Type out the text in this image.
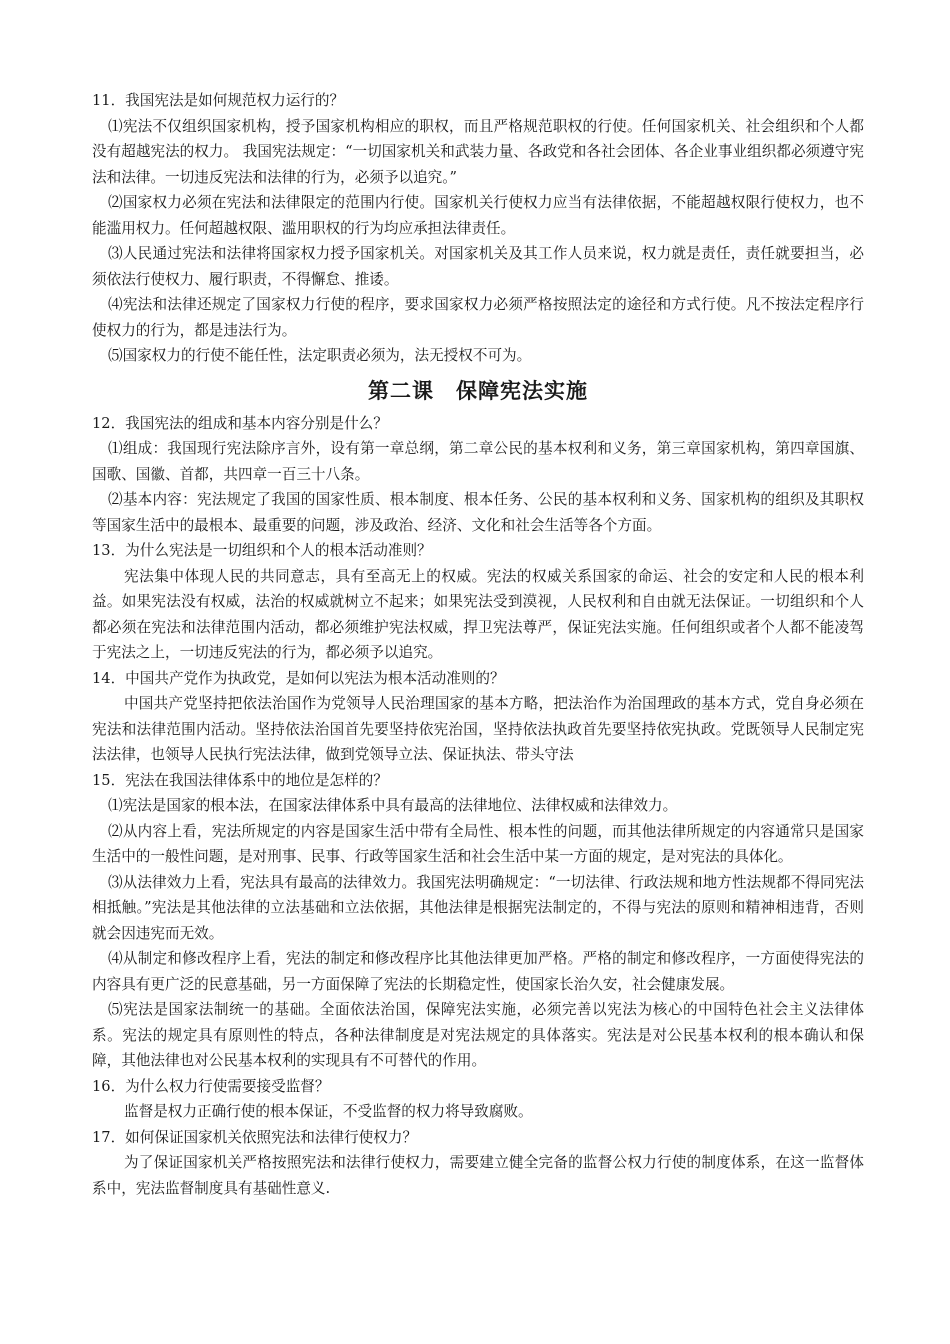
11．我国宪法是如何规范权力运行的？

⑴宪法不仅组织国家机构，授予国家机构相应的职权，而且严格规范职权的行使。任何国家机关、社会组织和个人都没有超越宪法的权力。 我国宪法规定：“一切国家机关和武装力量、各政党和各社会团体、各企业事业组织都必须遵守宪法和法律。一切违反宪法和法律的行为，必须予以追究。”

⑵国家权力必须在宪法和法律限定的范围内行使。国家机关行使权力应当有法律依据，不能超越权限行使权力，也不能滥用权力。任何超越权限、滥用职权的行为均应承担法律责任。

⑶人民通过宪法和法律将国家权力授予国家机关。对国家机关及其工作人员来说，权力就是责任，责任就要担当，必须依法行使权力、履行职责，不得懈怠、推诿。

⑷宪法和法律还规定了国家权力行使的程序，要求国家权力必须严格按照法定的途径和方式行使。凡不按法定程序行使权力的行为，都是违法行为。

⑸国家权力的行使不能任性，法定职责必须为，法无授权不可为。

第二课　保障宪法实施

12．我国宪法的组成和基本内容分别是什么？

⑴组成：我国现行宪法除序言外，设有第一章总纲，第二章公民的基本权利和义务，第三章国家机构，第四章国旗、国歌、国徽、首都，共四章一百三十八条。

⑵基本内容：宪法规定了我国的国家性质、根本制度、根本任务、公民的基本权利和义务、国家机构的组织及其职权等国家生活中的最根本、最重要的问题，涉及政治、经济、文化和社会生活等各个方面。

13．为什么宪法是一切组织和个人的根本活动准则？

宪法集中体现人民的共同意志，具有至高无上的权威。宪法的权威关系国家的命运、社会的安定和人民的根本利益。如果宪法没有权威，法治的权威就树立不起来；如果宪法受到漠视，人民权利和自由就无法保证。一切组织和个人都必须在宪法和法律范围内活动，都必须维护宪法权威，捍卫宪法尊严，保证宪法实施。任何组织或者个人都不能凌驾于宪法之上，一切违反宪法的行为，都必须予以追究。

14．中国共产党作为执政党，是如何以宪法为根本活动准则的？

中国共产党坚持把依法治国作为党领导人民治理国家的基本方略，把法治作为治国理政的基本方式，党自身必须在宪法和法律范围内活动。坚持依法治国首先要坚持依宪治国，坚持依法执政首先要坚持依宪执政。党既领导人民制定宪法法律，也领导人民执行宪法法律，做到党领导立法、保证执法、带头守法

15．宪法在我国法律体系中的地位是怎样的？

⑴宪法是国家的根本法，在国家法律体系中具有最高的法律地位、法律权威和法律效力。

⑵从内容上看，宪法所规定的内容是国家生活中带有全局性、根本性的问题，而其他法律所规定的内容通常只是国家生活中的一般性问题，是对刑事、民事、行政等国家生活和社会生活中某一方面的规定，是对宪法的具体化。

⑶从法律效力上看，宪法具有最高的法律效力。我国宪法明确规定：“一切法律、行政法规和地方性法规都不得同宪法相抵触。”宪法是其他法律的立法基础和立法依据，其他法律是根据宪法制定的，不得与宪法的原则和精神相违背，否则就会因违宪而无效。

⑷从制定和修改程序上看，宪法的制定和修改程序比其他法律更加严格。严格的制定和修改程序，一方面使得宪法的内容具有更广泛的民意基础，另一方面保障了宪法的长期稳定性，使国家长治久安，社会健康发展。

⑸宪法是国家法制统一的基础。全面依法治国，保障宪法实施，必须完善以宪法为核心的中国特色社会主义法律体系。宪法的规定具有原则性的特点，各种法律制度是对宪法规定的具体落实。宪法是对公民基本权利的根本确认和保障，其他法律也对公民基本权利的实现具有不可替代的作用。

16．为什么权力行使需要接受监督？

监督是权力正确行使的根本保证，不受监督的权力将导致腐败。

17．如何保证国家机关依照宪法和法律行使权力？

为了保证国家机关严格按照宪法和法律行使权力，需要建立健全完备的监督公权力行使的制度体系，在这一监督体系中，宪法监督制度具有基础性意义.
